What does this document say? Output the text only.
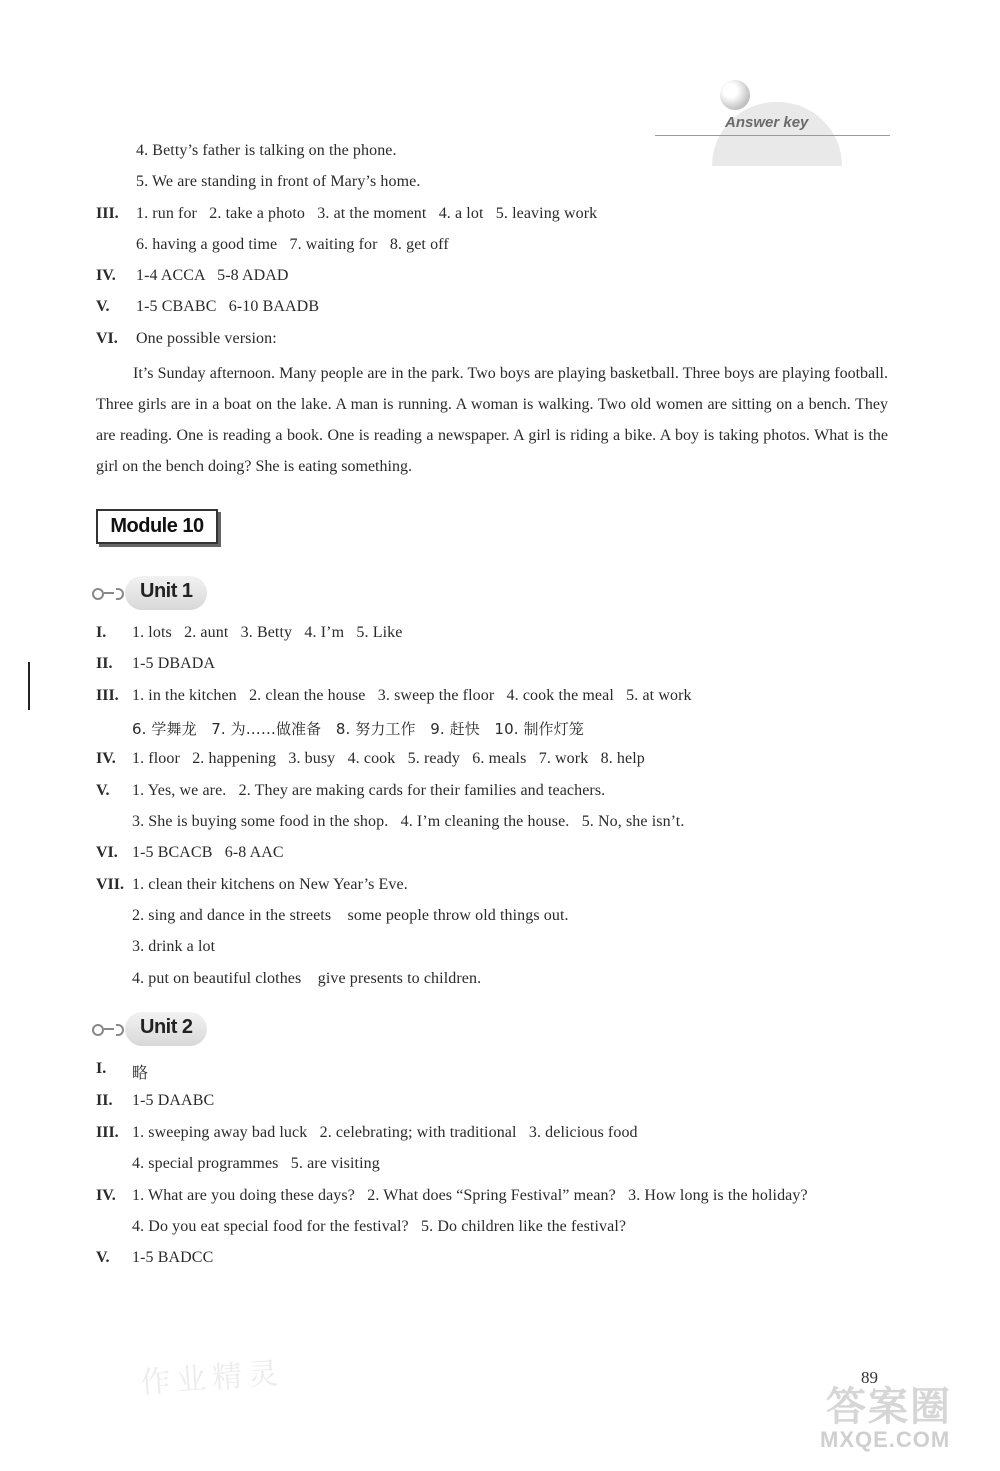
Answer key
4. Betty’s father is talking on the phone.
5. We are standing in front of Mary’s home.
III. 1. run for   2. take a photo   3. at the moment   4. a lot   5. leaving work
6. having a good time   7. waiting for   8. get off
IV. 1-4 ACCA   5-8 ADAD
V. 1-5 CBABC   6-10 BAADB
VI. One possible version:
It’s Sunday afternoon. Many people are in the park. Two boys are playing basketball. Three boys are playing football. Three girls are in a boat on the lake. A man is running. A woman is walking. Two old women are sitting on a bench. They are reading. One is reading a book. One is reading a newspaper. A girl is riding a bike. A boy is taking photos. What is the girl on the bench doing? She is eating something.
Module 10
Unit 1
I. 1. lots   2. aunt   3. Betty   4. I’m   5. Like
II. 1-5 DBADA
III. 1. in the kitchen   2. clean the house   3. sweep the floor   4. cook the meal   5. at work
6. 学舞龙   7. 为……做准备   8. 努力工作   9. 赶快   10. 制作灯笼
IV. 1. floor   2. happening   3. busy   4. cook   5. ready   6. meals   7. work   8. help
V. 1. Yes, we are.   2. They are making cards for their families and teachers.
3. She is buying some food in the shop.   4. I’m cleaning the house.   5. No, she isn’t.
VI. 1-5 BCACB   6-8 AAC
VII. 1. clean their kitchens on New Year’s Eve.
2. sing and dance in the streets    some people throw old things out.
3. drink a lot
4. put on beautiful clothes    give presents to children.
Unit 2
I. 略
II. 1-5 DAABC
III. 1. sweeping away bad luck   2. celebrating; with traditional   3. delicious food
4. special programmes   5. are visiting
IV. 1. What are you doing these days?   2. What does “Spring Festival” mean?   3. How long is the holiday?
4. Do you eat special food for the festival?   5. Do children like the festival?
V. 1-5 BADCC
作业精灵	89
答案圈
MXQE.COM
